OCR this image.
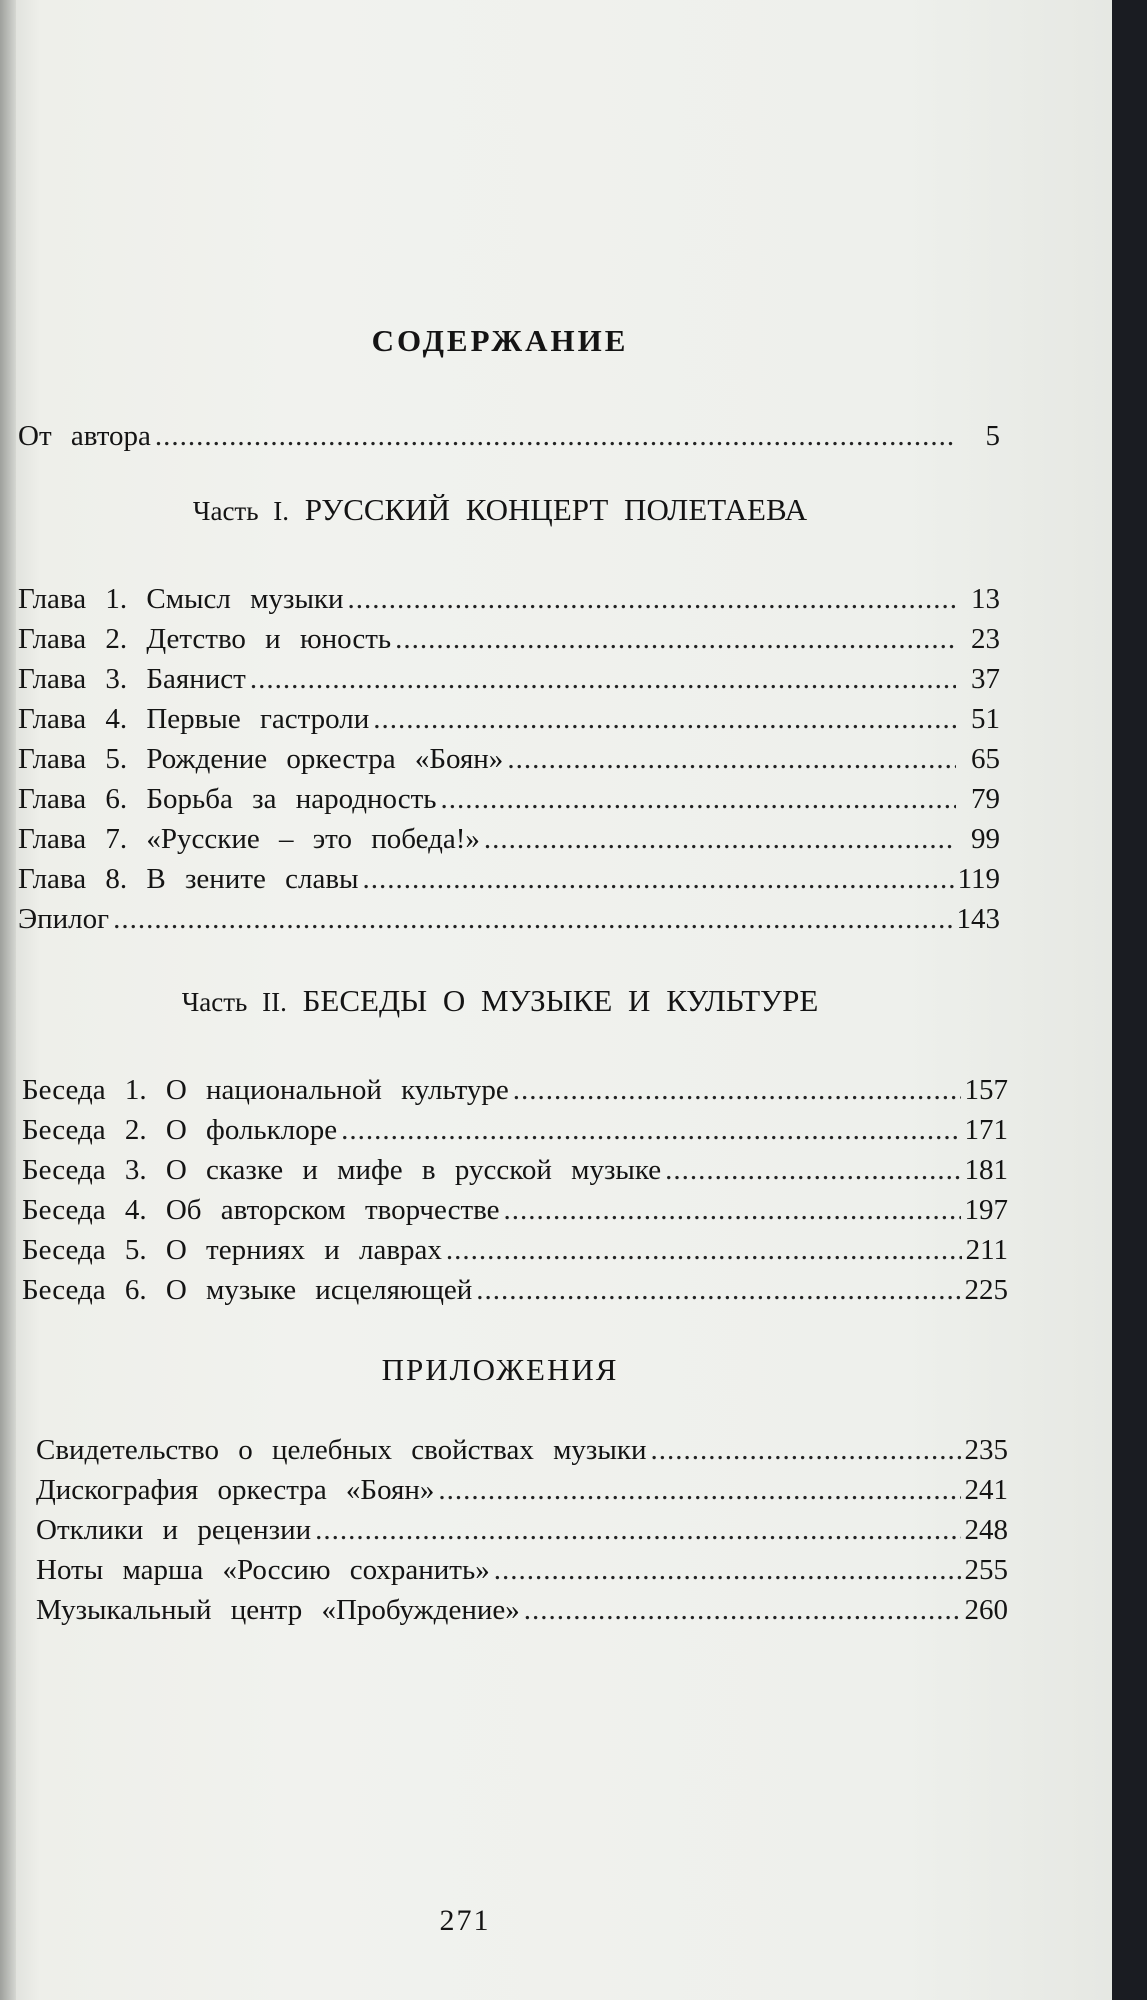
СОДЕРЖАНИЕ
От автора .....	5
Часть I. РУССКИЙ КОНЦЕРТ ПОЛЕТАЕВА
Глава 1. Смысл музыки .....	13
Глава 2. Детство и юность .....	23
Глава 3. Баянист .....	37
Глава 4. Первые гастроли .....	51
Глава 5. Рождение оркестра «Боян» .....	65
Глава 6. Борьба за народность .....	79
Глава 7. «Русские – это победа!» .....	99
Глава 8. В зените славы .....	119
Эпилог .....	143
Часть II. БЕСЕДЫ О МУЗЫКЕ И КУЛЬТУРЕ
Беседа 1. О национальной культуре .....	157
Беседа 2. О фольклоре .....	171
Беседа 3. О сказке и мифе в русской музыке .....	181
Беседа 4. Об авторском творчестве .....	197
Беседа 5. О терниях и лаврах .....	211
Беседа 6. О музыке исцеляющей .....	225
ПРИЛОЖЕНИЯ
Свидетельство о целебных свойствах музыки .....	235
Дискография оркестра «Боян» .....	241
Отклики и рецензии .....	248
Ноты марша «Россию сохранить» .....	255
Музыкальный центр «Пробуждение» .....	260
271
